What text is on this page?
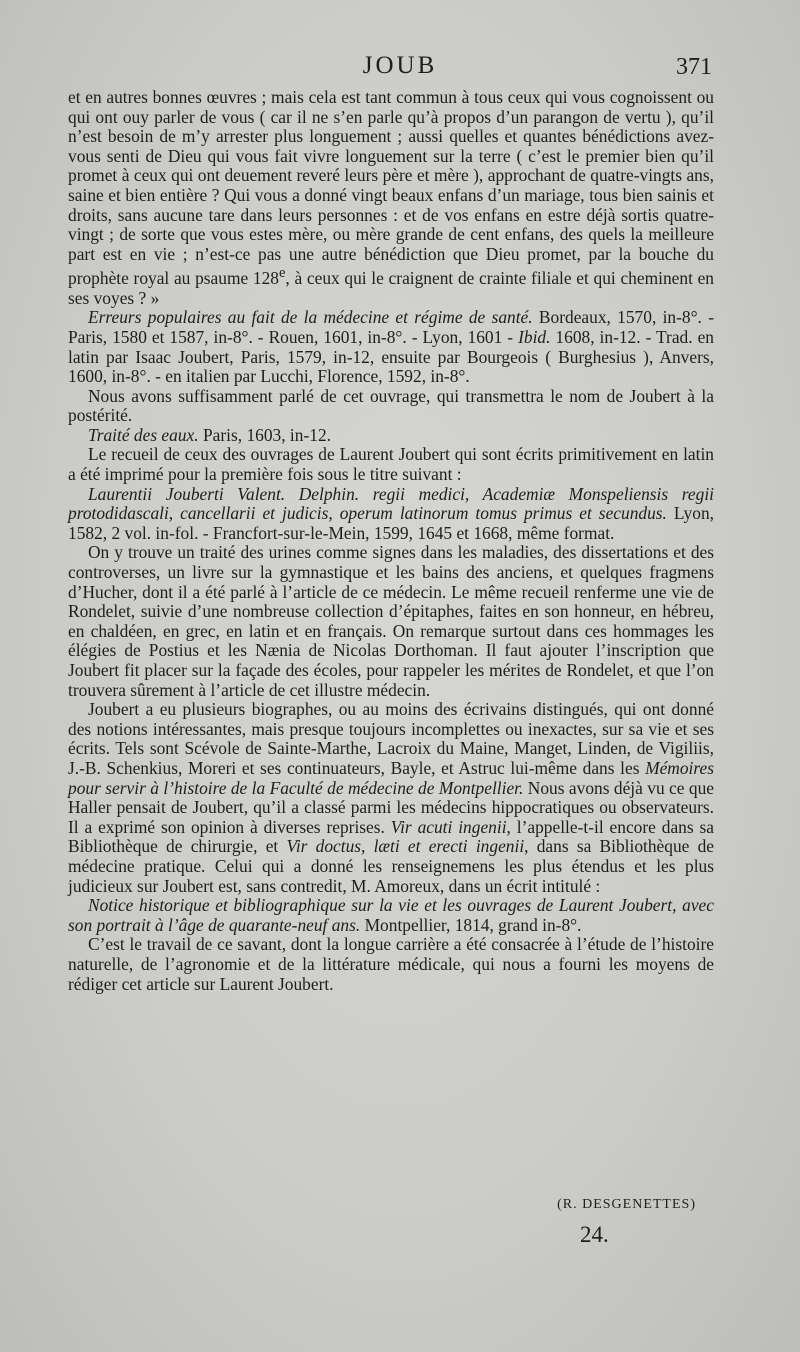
JOUB	371

et en autres bonnes œuvres ; mais cela est tant commun à tous ceux qui vous cognoissent ou qui ont ouy parler de vous ( car il ne s’en parle qu’à propos d’un parangon de vertu ), qu’il n’est besoin de m’y arrester plus longuement ; aussi quelles et quantes bénédictions avez-vous senti de Dieu qui vous fait vivre longuement sur la terre ( c’est le premier bien qu’il promet à ceux qui ont deuement reveré leurs père et mère ), approchant de quatre-vingts ans, saine et bien entière ? Qui vous a donné vingt beaux enfans d’un mariage, tous bien sainis et droits, sans aucune tare dans leurs personnes : et de vos enfans en estre déjà sortis quatre-vingt ; de sorte que vous estes mère, ou mère grande de cent enfans, des quels la meilleure part est en vie ; n’est-ce pas une autre bénédiction que Dieu promet, par la bouche du prophète royal au psaume 128e, à ceux qui le craignent de crainte filiale et qui cheminent en ses voyes ? »

Erreurs populaires au fait de la médecine et régime de santé. Bordeaux, 1570, in-8°. - Paris, 1580 et 1587, in-8°. - Rouen, 1601, in-8°. - Lyon, 1601 - Ibid. 1608, in-12. - Trad. en latin par Isaac Joubert, Paris, 1579, in-12, ensuite par Bourgeois ( Burghesius ), Anvers, 1600, in-8°. - en italien par Lucchi, Florence, 1592, in-8°.

Nous avons suffisamment parlé de cet ouvrage, qui transmettra le nom de Joubert à la postérité.

Traité des eaux. Paris, 1603, in-12.

Le recueil de ceux des ouvrages de Laurent Joubert qui sont écrits primitivement en latin a été imprimé pour la première fois sous le titre suivant :

Laurentii Jouberti Valent. Delphin. regii medici, Academiæ Monspeliensis regii protodidascali, cancellarii et judicis, operum latinorum tomus primus et secundus. Lyon, 1582, 2 vol. in-fol. - Francfort-sur-le-Mein, 1599, 1645 et 1668, même format.

On y trouve un traité des urines comme signes dans les maladies, des dissertations et des controverses, un livre sur la gymnastique et les bains des anciens, et quelques fragmens d’Hucher, dont il a été parlé à l’article de ce médecin. Le même recueil renferme une vie de Rondelet, suivie d’une nombreuse collection d’épitaphes, faites en son honneur, en hébreu, en chaldéen, en grec, en latin et en français. On remarque surtout dans ces hommages les élégies de Postius et les Nænia de Nicolas Dorthoman. Il faut ajouter l’inscription que Joubert fit placer sur la façade des écoles, pour rappeler les mérites de Rondelet, et que l’on trouvera sûrement à l’article de cet illustre médecin.

Joubert a eu plusieurs biographes, ou au moins des écrivains distingués, qui ont donné des notions intéressantes, mais presque toujours incomplettes ou inexactes, sur sa vie et ses écrits. Tels sont Scévole de Sainte-Marthe, Lacroix du Maine, Manget, Linden, de Vigiliis, J.-B. Schenkius, Moreri et ses continuateurs, Bayle, et Astruc lui-même dans les Mémoires pour servir à l’histoire de la Faculté de médecine de Montpellier. Nous avons déjà vu ce que Haller pensait de Joubert, qu’il a classé parmi les médecins hippocratiques ou observateurs. Il a exprimé son opinion à diverses reprises. Vir acuti ingenii, l’appelle-t-il encore dans sa Bibliothèque de chirurgie, et Vir doctus, læti et erecti ingenii, dans sa Bibliothèque de médecine pratique. Celui qui a donné les renseignemens les plus étendus et les plus judicieux sur Joubert est, sans contredit, M. Amoreux, dans un écrit intitulé :

Notice historique et bibliographique sur la vie et les ouvrages de Laurent Joubert, avec son portrait à l’âge de quarante-neuf ans. Montpellier, 1814, grand in-8°.

C’est le travail de ce savant, dont la longue carrière a été consacrée à l’étude de l’histoire naturelle, de l’agronomie et de la littérature médicale, qui nous a fourni les moyens de rédiger cet article sur Laurent Joubert.

(R. DESGENETTES)
24.
